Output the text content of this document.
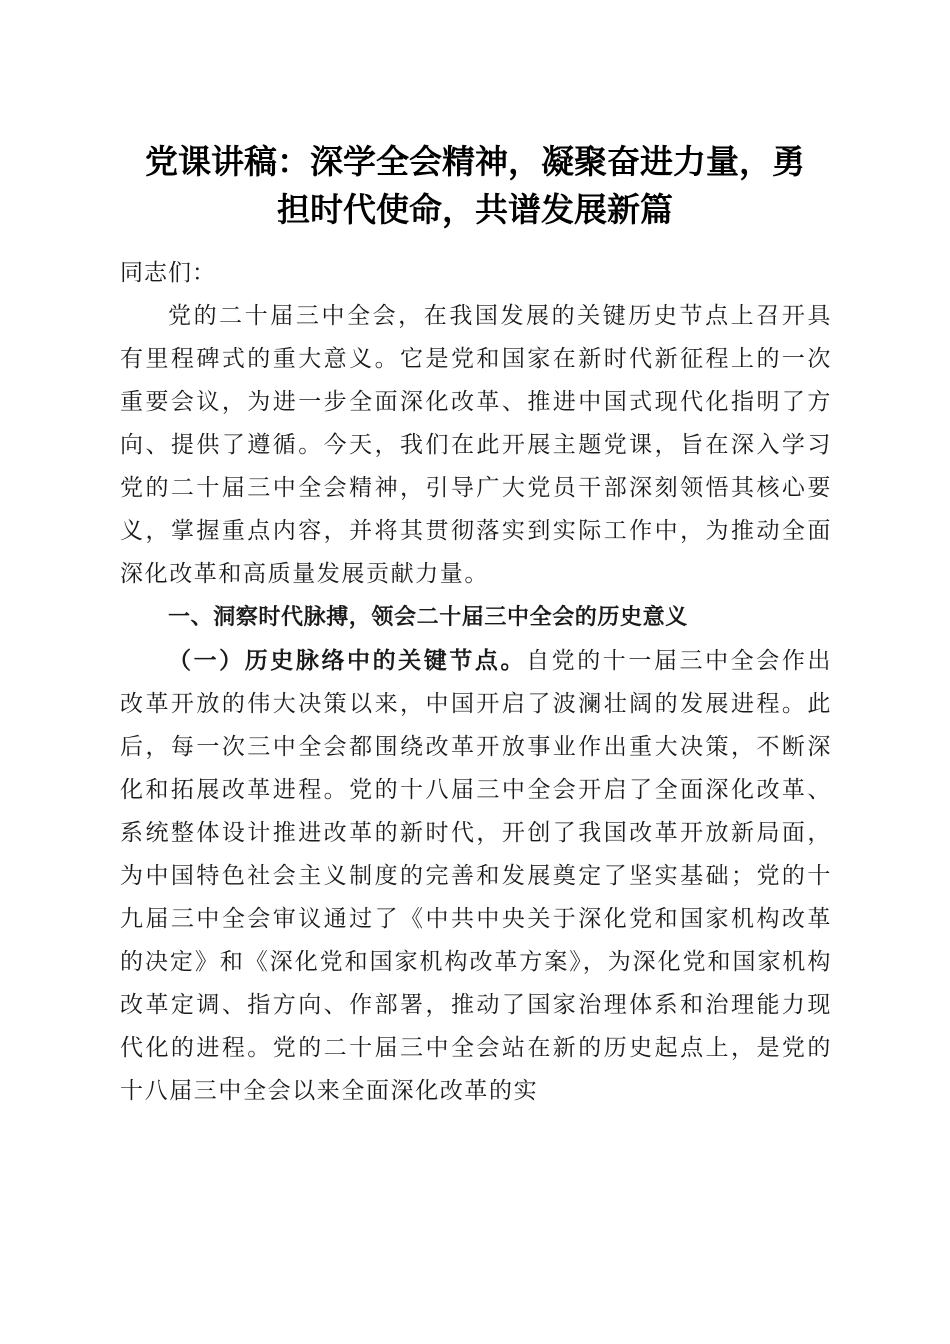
党课讲稿：深学全会精神，凝聚奋进力量，勇
担时代使命，共谱发展新篇

同志们：

党的二十届三中全会，在我国发展的关键历史节点上召开具有里程碑式的重大意义。它是党和国家在新时代新征程上的一次重要会议，为进一步全面深化改革、推进中国式现代化指明了方向、提供了遵循。今天，我们在此开展主题党课，旨在深入学习党的二十届三中全会精神，引导广大党员干部深刻领悟其核心要义，掌握重点内容，并将其贯彻落实到实际工作中，为推动全面深化改革和高质量发展贡献力量。

一、洞察时代脉搏，领会二十届三中全会的历史意义

（一）历史脉络中的关键节点。自党的十一届三中全会作出改革开放的伟大决策以来，中国开启了波澜壮阔的发展进程。此后，每一次三中全会都围绕改革开放事业作出重大决策，不断深化和拓展改革进程。党的十八届三中全会开启了全面深化改革、系统整体设计推进改革的新时代，开创了我国改革开放新局面，为中国特色社会主义制度的完善和发展奠定了坚实基础；党的十九届三中全会审议通过了《中共中央关于深化党和国家机构改革的决定》和《深化党和国家机构改革方案》，为深化党和国家机构改革定调、指方向、作部署，推动了国家治理体系和治理能力现代化的进程。党的二十届三中全会站在新的历史起点上，是党的十八届三中全会以来全面深化改革的实
